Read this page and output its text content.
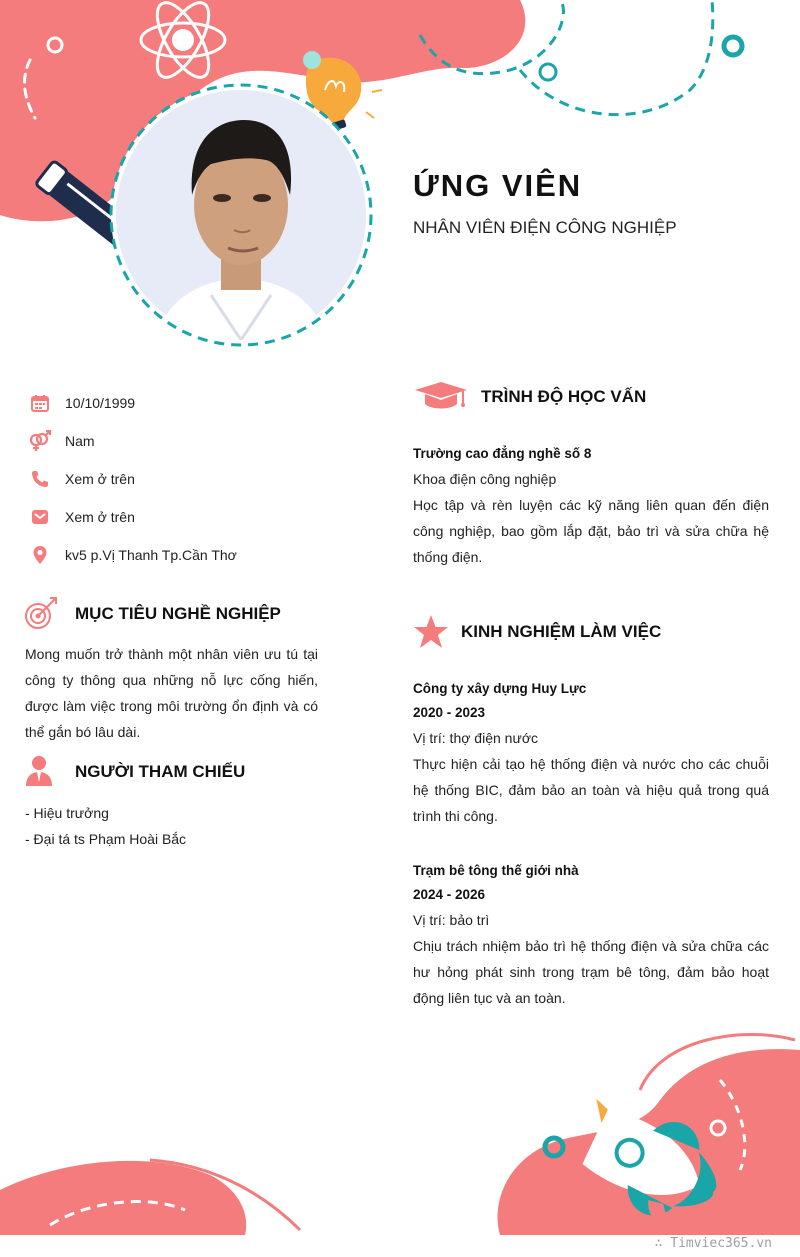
ỨNG VIÊN
NHÂN VIÊN ĐIỆN CÔNG NGHIỆP
10/10/1999
Nam
Xem ở trên
Xem ở trên
kv5 p.Vị Thanh Tp.Cần Thơ
MỤC TIÊU NGHỀ NGHIỆP
Mong muốn trở thành một nhân viên ưu tú tại công ty thông qua những nỗ lực cống hiến, được làm việc trong môi trường ổn định và có thể gắn bó lâu dài.
NGƯỜI THAM CHIẾU
- Hiệu trưởng
- Đại tá ts Phạm Hoài Bắc
TRÌNH ĐỘ HỌC VẤN
Trường cao đẳng nghề số 8
Khoa điện công nghiệp
Học tập và rèn luyện các kỹ năng liên quan đến điện công nghiệp, bao gồm lắp đặt, bảo trì và sửa chữa hệ thống điện.
KINH NGHIỆM LÀM VIỆC
Công ty xây dựng Huy Lực
2020 - 2023
Vị trí: thợ điện nước
Thực hiện cải tạo hệ thống điện và nước cho các chuỗi hệ thống BIC, đảm bảo an toàn và hiệu quả trong quá trình thi công.
Trạm bê tông thế giới nhà
2024 - 2026
Vị trí: bảo trì
Chịu trách nhiệm bảo trì hệ thống điện và sửa chữa các hư hỏng phát sinh trong trạm bê tông, đảm bảo hoạt động liên tục và an toàn.
∴ Timviec365.vn
